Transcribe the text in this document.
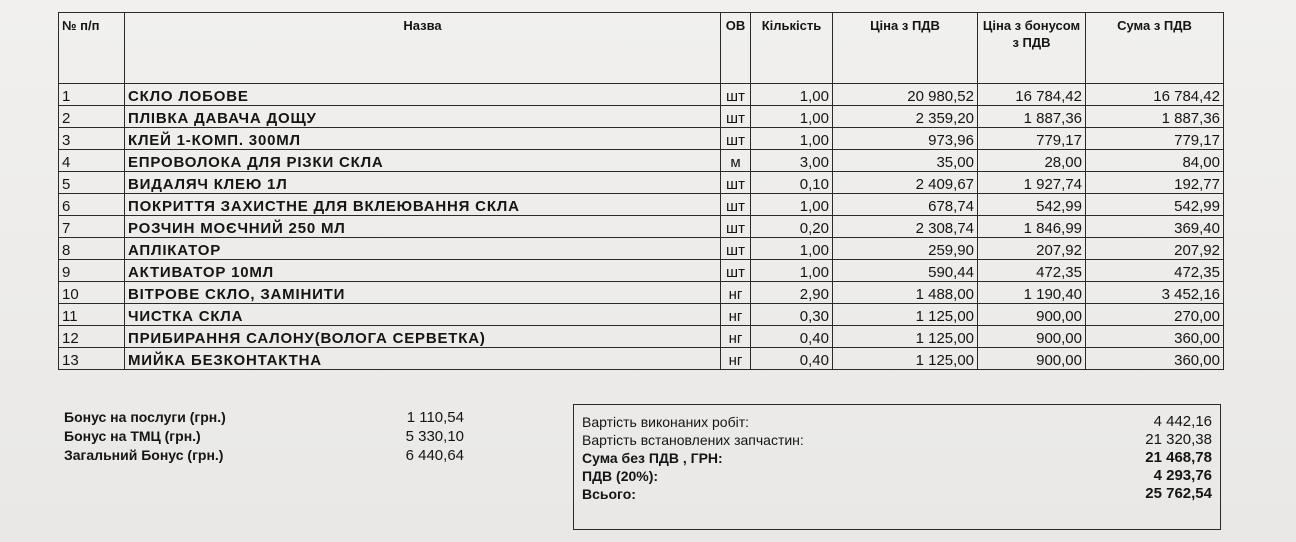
№ п/п	Назва	ОВ	Кількість	Ціна з ПДВ	Ціна з бонусом з ПДВ	Сума з ПДВ
1	СКЛО ЛОБОВЕ	шт	1,00	20 980,52	16 784,42	16 784,42
2	ПЛІВКА ДАВАЧА ДОЩУ	шт	1,00	2 359,20	1 887,36	1 887,36
3	КЛЕЙ 1-КОМП. 300МЛ	шт	1,00	973,96	779,17	779,17
4	ЕПРОВОЛОКА ДЛЯ РІЗКИ СКЛА	м	3,00	35,00	28,00	84,00
5	ВИДАЛЯЧ КЛЕЮ 1Л	шт	0,10	2 409,67	1 927,74	192,77
6	ПОКРИТТЯ ЗАХИСТНЕ ДЛЯ ВКЛЕЮВАННЯ СКЛА	шт	1,00	678,74	542,99	542,99
7	РОЗЧИН МОЄЧНИЙ 250 МЛ	шт	0,20	2 308,74	1 846,99	369,40
8	АПЛІКАТОР	шт	1,00	259,90	207,92	207,92
9	АКТИВАТОР 10МЛ	шт	1,00	590,44	472,35	472,35
10	ВІТРОВЕ СКЛО, ЗАМІНИТИ	нг	2,90	1 488,00	1 190,40	3 452,16
11	ЧИСТКА СКЛА	нг	0,30	1 125,00	900,00	270,00
12	ПРИБИРАННЯ САЛОНУ(ВОЛОГА СЕРВЕТКА)	нг	0,40	1 125,00	900,00	360,00
13	МИЙКА БЕЗКОНТАКТНА	нг	0,40	1 125,00	900,00	360,00
Бонус на послуги (грн.)	1 110,54
Бонус на ТМЦ (грн.)	5 330,10
Загальний Бонус (грн.)	6 440,64
Вартість виконаних робіт:	4 442,16
Вартість встановлених запчастин:	21 320,38
Сума без ПДВ , ГРН:	21 468,78
ПДВ (20%):	4 293,76
Всього:	25 762,54
